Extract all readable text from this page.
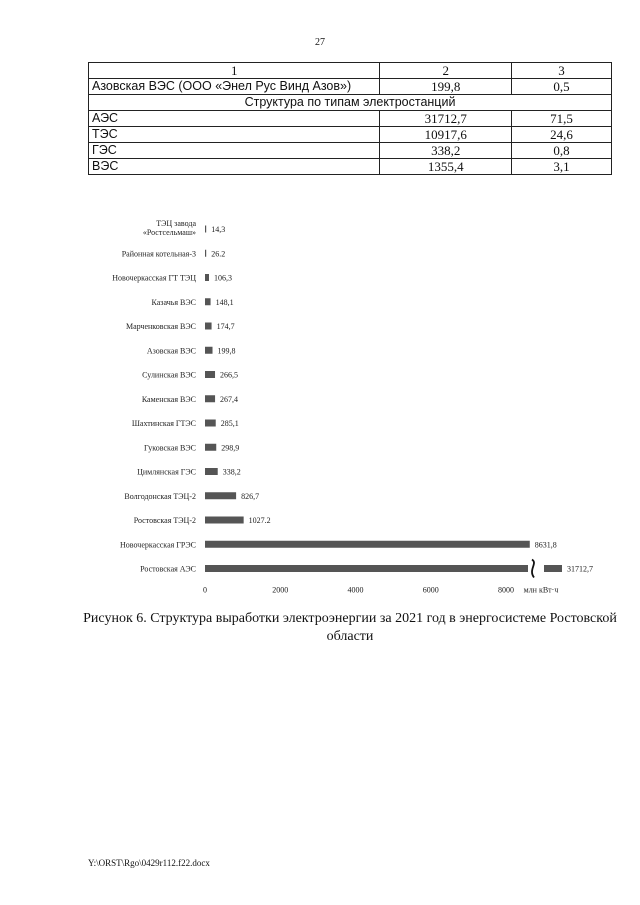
27
1	2	3
Азовская ВЭС (ООО «Энел Рус Винд Азов»)	199,8	0,5
Структура по типам электростанций		
АЭС	31712,7	71,5
ТЭС	10917,6	24,6
ГЭС	338,2	0,8
ВЭС	1355,4	3,1
ТЭЦ завода «Ростсельмаш» 14,3
Районная котельная-3 26.2
Новочеркасская ГТ ТЭЦ 106,3
Казачья ВЭС 148,1
Марченковская ВЭС	174,7
Азовская ВЭС	199,8
Сулинская ВЭС	266,5
Каменская ВЭС	267,4
Шахтинская ГТЭС	285,1
Гуковская ВЭС	298,9
Цимлянская ГЭС	338,2
Волгодонская ТЭЦ-2	826,7
Ростовская ТЭЦ-2	1027.2
Новочеркасская ГРЭС	8631,8
Ростовская АЭС	31712,7
0	2000	4000	6000	8000 млн кВт·ч
Рисунок 6. Структура выработки электроэнергии за 2021 год в энергосистеме Ростовской области
Y:\ORST\Rgo\0429r112.f22.docx
